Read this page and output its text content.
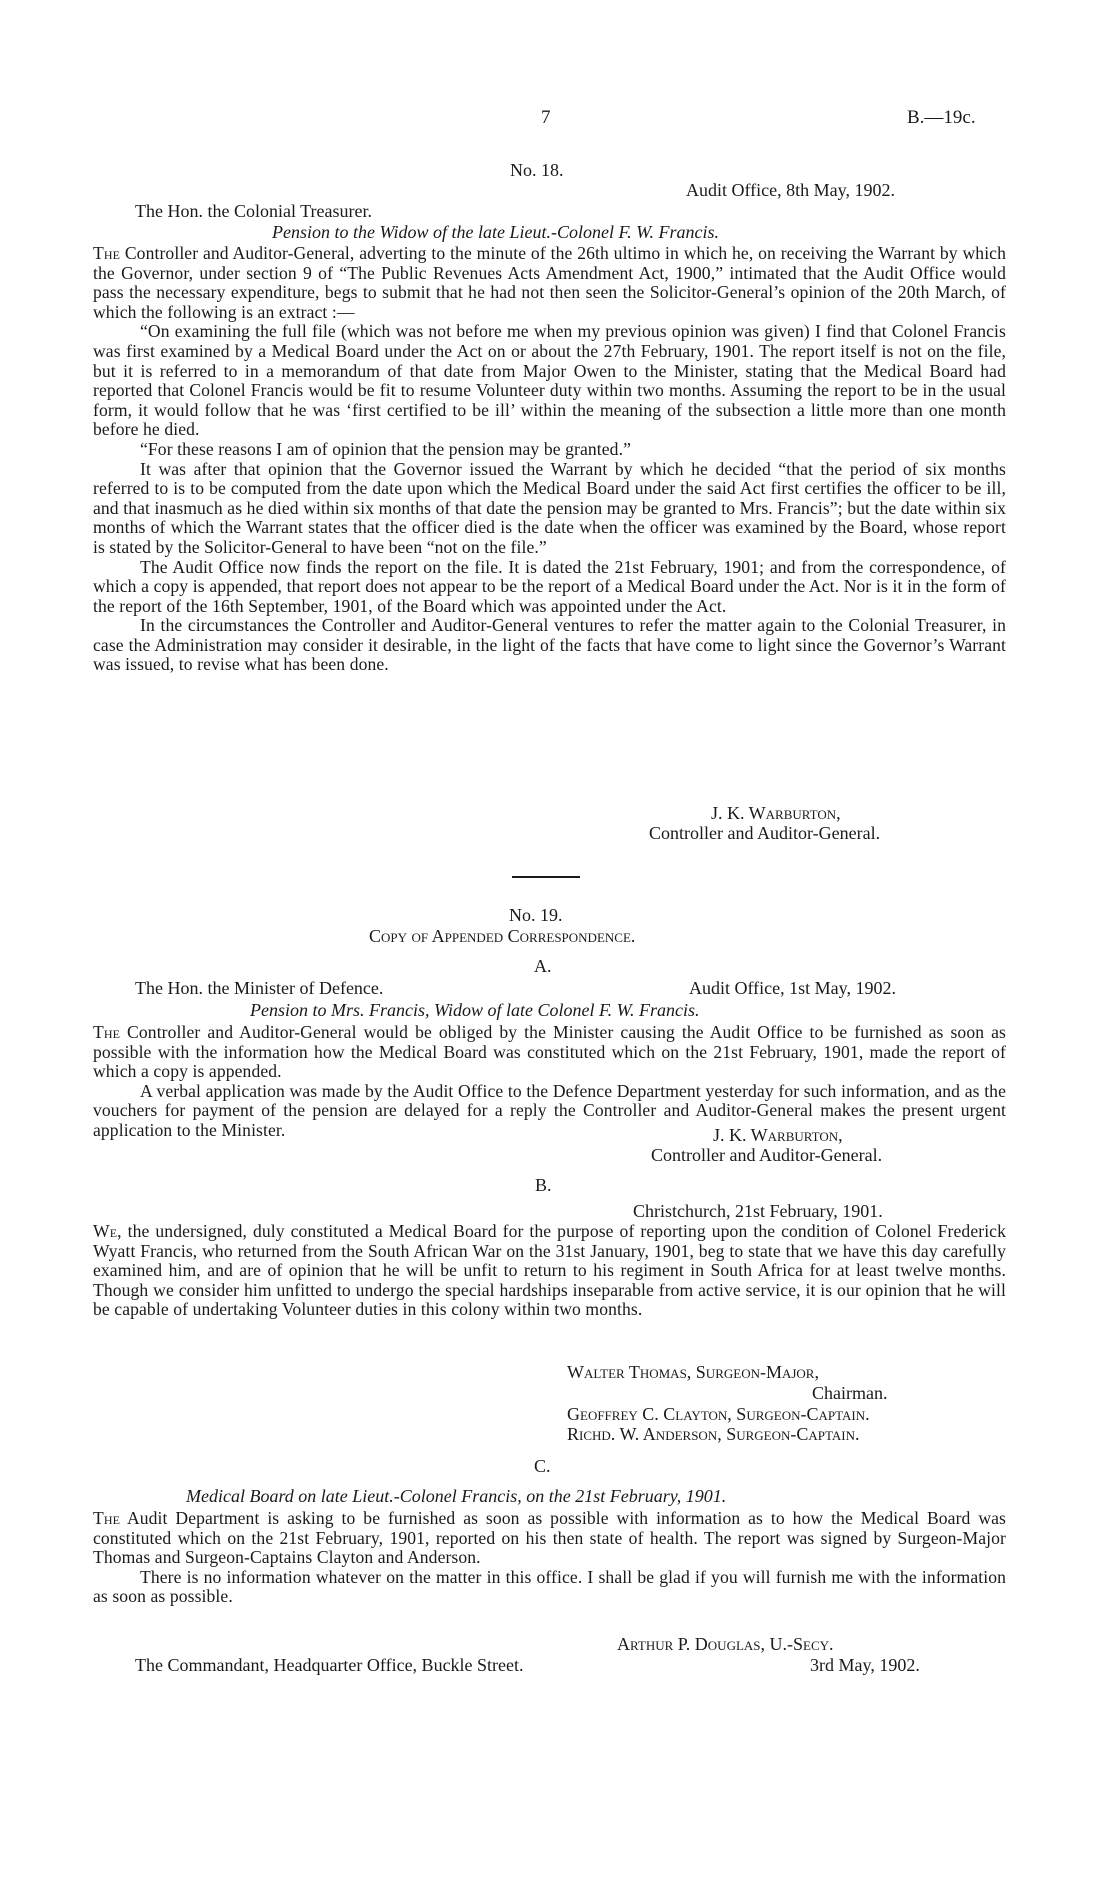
7	B.—19c.
No. 18.
Audit Office, 8th May, 1902.
The Hon. the Colonial Treasurer.
Pension to the Widow of the late Lieut.-Colonel F. W. Francis.

The Controller and Auditor-General, adverting to the minute of the 26th ultimo in which he, on receiving the Warrant by which the Governor, under section 9 of “The Public Revenues Acts Amendment Act, 1900,” intimated that the Audit Office would pass the necessary expenditure, begs to submit that he had not then seen the Solicitor-General’s opinion of the 20th March, of which the following is an extract :—

“On examining the full file (which was not before me when my previous opinion was given) I find that Colonel Francis was first examined by a Medical Board under the Act on or about the 27th February, 1901. The report itself is not on the file, but it is referred to in a memorandum of that date from Major Owen to the Minister, stating that the Medical Board had reported that Colonel Francis would be fit to resume Volunteer duty within two months. Assuming the report to be in the usual form, it would follow that he was ‘first certified to be ill’ within the meaning of the subsection a little more than one month before he died.

“For these reasons I am of opinion that the pension may be granted.”

It was after that opinion that the Governor issued the Warrant by which he decided “that the period of six months referred to is to be computed from the date upon which the Medical Board under the said Act first certifies the officer to be ill, and that inasmuch as he died within six months of that date the pension may be granted to Mrs. Francis”; but the date within six months of which the Warrant states that the officer died is the date when the officer was examined by the Board, whose report is stated by the Solicitor-General to have been “not on the file.”

The Audit Office now finds the report on the file. It is dated the 21st February, 1901; and from the correspondence, of which a copy is appended, that report does not appear to be the report of a Medical Board under the Act. Nor is it in the form of the report of the 16th September, 1901, of the Board which was appointed under the Act.

In the circumstances the Controller and Auditor-General ventures to refer the matter again to the Colonial Treasurer, in case the Administration may consider it desirable, in the light of the facts that have come to light since the Governor’s Warrant was issued, to revise what has been done.

J. K. Warburton,
Controller and Auditor-General.
No. 19.
Copy of Appended Correspondence.
A.
The Hon. the Minister of Defence.	Audit Office, 1st May, 1902.
Pension to Mrs. Francis, Widow of late Colonel F. W. Francis.

The Controller and Auditor-General would be obliged by the Minister causing the Audit Office to be furnished as soon as possible with the information how the Medical Board was constituted which on the 21st February, 1901, made the report of which a copy is appended.

A verbal application was made by the Audit Office to the Defence Department yesterday for such information, and as the vouchers for payment of the pension are delayed for a reply the Controller and Auditor-General makes the present urgent application to the Minister.	J. K. Warburton,
Controller and Auditor-General.
B.
Christchurch, 21st February, 1901.

We, the undersigned, duly constituted a Medical Board for the purpose of reporting upon the condition of Colonel Frederick Wyatt Francis, who returned from the South African War on the 31st January, 1901, beg to state that we have this day carefully examined him, and are of opinion that he will be unfit to return to his regiment in South Africa for at least twelve months. Though we consider him unfitted to undergo the special hardships inseparable from active service, it is our opinion that he will be capable of undertaking Volunteer duties in this colony within two months.

Walter Thomas, Surgeon-Major,
Chairman.
Geoffrey C. Clayton, Surgeon-Captain.
Richd. W. Anderson, Surgeon-Captain.
C.
Medical Board on late Lieut.-Colonel Francis, on the 21st February, 1901.

The Audit Department is asking to be furnished as soon as possible with information as to how the Medical Board was constituted which on the 21st February, 1901, reported on his then state of health. The report was signed by Surgeon-Major Thomas and Surgeon-Captains Clayton and Anderson.

There is no information whatever on the matter in this office. I shall be glad if you will furnish me with the information as soon as possible.

Arthur P. Douglas, U.-Secy.
The Commandant, Headquarter Office, Buckle Street.	3rd May, 1902.
